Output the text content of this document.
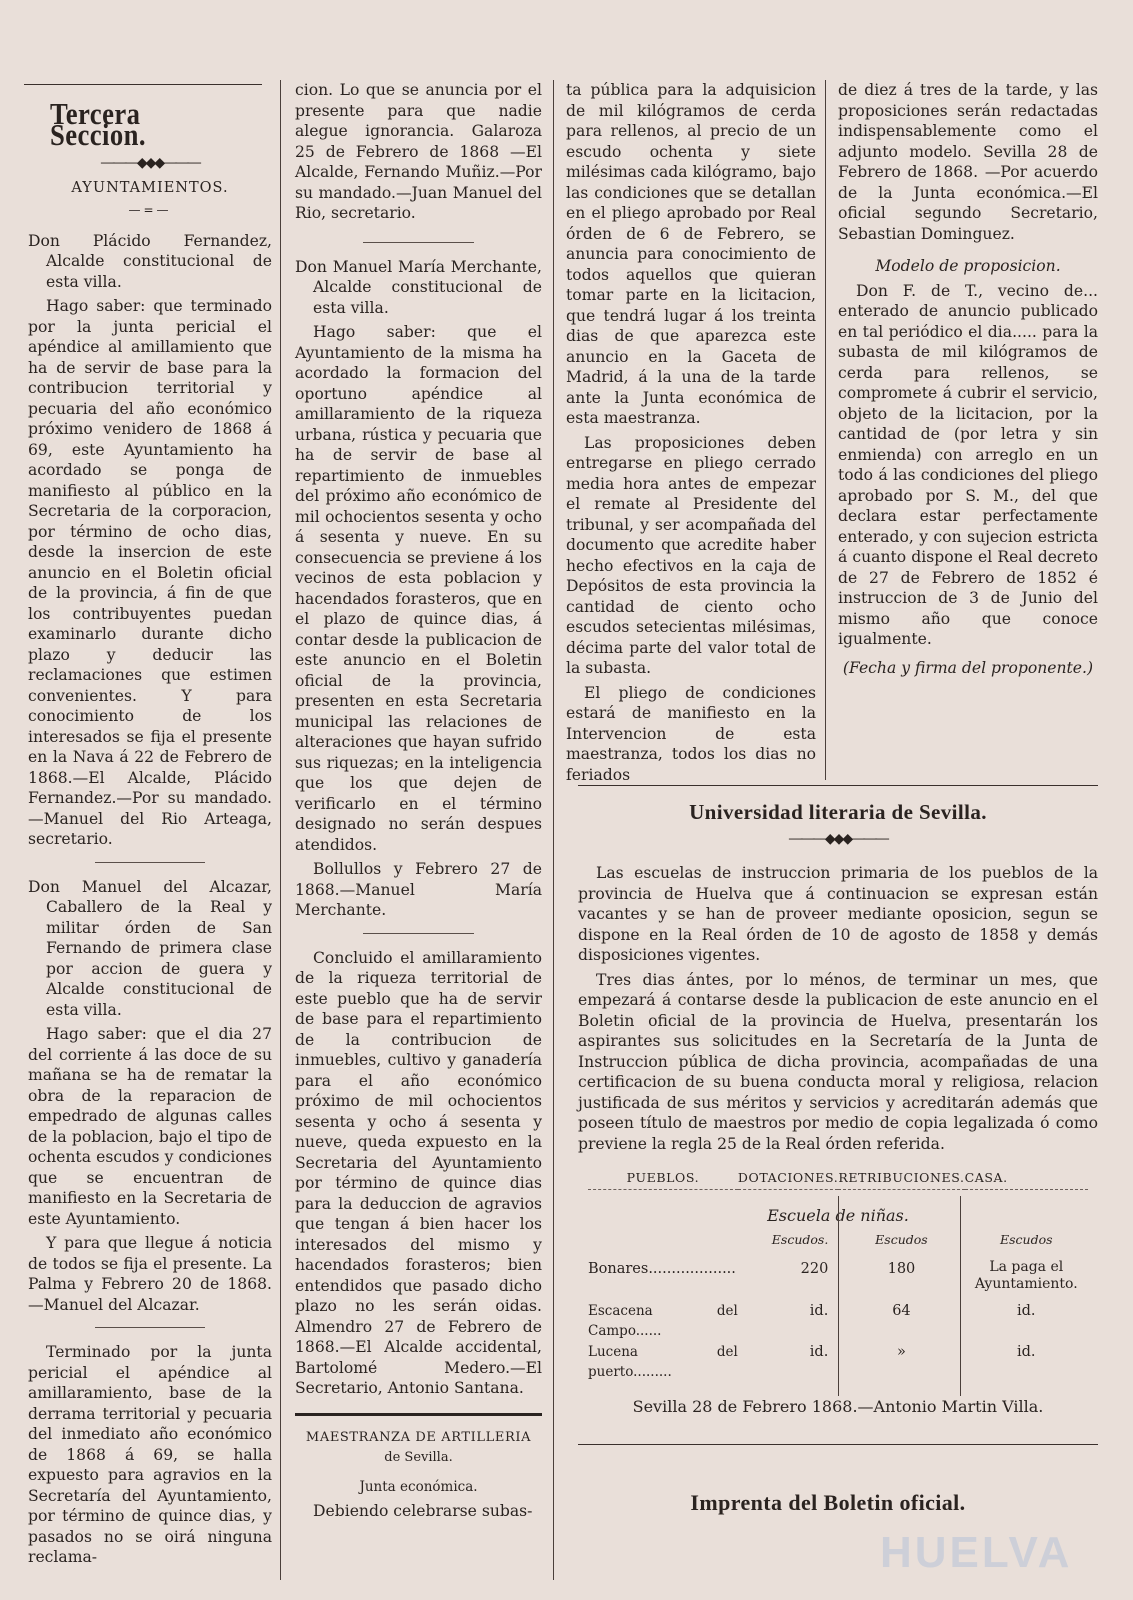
Tercera Seccion.
―――◆◆◆―――
AYUNTAMIENTOS.
—=—

Don Plácido Fernandez, Alcalde constitucional de esta villa.

Hago saber: que terminado por la junta pericial el apéndice al amillamiento que ha de servir de base para la contribucion territorial y pecuaria del año económico próximo venidero de 1868 á 69, este Ayuntamiento ha acordado se ponga de manifiesto al público en la Secretaria de la corporacion, por término de ocho dias, desde la insercion de este anuncio en el Boletin oficial de la provincia, á fin de que los contribuyentes puedan examinarlo durante dicho plazo y deducir las reclamaciones que estimen convenientes. Y para conocimiento de los interesados se fija el presente en la Nava á 22 de Febrero de 1868.—El Alcalde, Plácido Fernandez.—Por su mandado.—Manuel del Rio Arteaga, secretario.

Don Manuel del Alcazar, Caballero de la Real y militar órden de San Fernando de primera clase por accion de guera y Alcalde constitucional de esta villa.

Hago saber: que el dia 27 del corriente á las doce de su mañana se ha de rematar la obra de la reparacion de empedrado de algunas calles de la poblacion, bajo el tipo de ochenta escudos y condiciones que se encuentran de manifiesto en la Secretaria de este Ayuntamiento.

Y para que llegue á noticia de todos se fija el presente. La Palma y Febrero 20 de 1868. —Manuel del Alcazar.

Terminado por la junta pericial el apéndice al amillaramiento, base de la derrama territorial y pecuaria del inmediato año económico de 1868 á 69, se halla expuesto para agravios en la Secretaría del Ayuntamiento, por término de quince dias, y pasados no se oirá ninguna reclama-

cion. Lo que se anuncia por el presente para que nadie alegue ignorancia. Galaroza 25 de Febrero de 1868 —El Alcalde, Fernando Muñiz.—Por su mandado.—Juan Manuel del Rio, secretario.

Don Manuel María Merchante, Alcalde constitucional de esta villa.

Hago saber: que el Ayuntamiento de la misma ha acordado la formacion del oportuno apéndice al amillaramiento de la riqueza urbana, rústica y pecuaria que ha de servir de base al repartimiento de inmuebles del próximo año económico de mil ochocientos sesenta y ocho á sesenta y nueve. En su consecuencia se previene á los vecinos de esta poblacion y hacendados forasteros, que en el plazo de quince dias, á contar desde la publicacion de este anuncio en el Boletin oficial de la provincia, presenten en esta Secretaria municipal las relaciones de alteraciones que hayan sufrido sus riquezas; en la inteligencia que los que dejen de verificarlo en el término designado no serán despues atendidos.

Bollullos y Febrero 27 de 1868.—Manuel María Merchante.

Concluido el amillaramiento de la riqueza territorial de este pueblo que ha de servir de base para el repartimiento de la contribucion de inmuebles, cultivo y ganadería para el año económico próximo de mil ochocientos sesenta y ocho á sesenta y nueve, queda expuesto en la Secretaria del Ayuntamiento por término de quince dias para la deduccion de agravios que tengan á bien hacer los interesados del mismo y hacendados forasteros; bien entendidos que pasado dicho plazo no les serán oidas. Almendro 27 de Febrero de 1868.—El Alcalde accidental, Bartolomé Medero.—El Secretario, Antonio Santana.

MAESTRANZA DE ARTILLERIA

de Sevilla.

Junta económica.

Debiendo celebrarse subas-

ta pública para la adquisicion de mil kilógramos de cerda para rellenos, al precio de un escudo ochenta y siete milésimas cada kilógramo, bajo las condiciones que se detallan en el pliego aprobado por Real órden de 6 de Febrero, se anuncia para conocimiento de todos aquellos que quieran tomar parte en la licitacion, que tendrá lugar á los treinta dias de que aparezca este anuncio en la Gaceta de Madrid, á la una de la tarde ante la Junta económica de esta maestranza.

Las proposiciones deben entregarse en pliego cerrado media hora antes de empezar el remate al Presidente del tribunal, y ser acompañada del documento que acredite haber hecho efectivos en la caja de Depósitos de esta provincia la cantidad de ciento ocho escudos setecientas milésimas, décima parte del valor total de la subasta.

El pliego de condiciones estará de manifiesto en la Intervencion de esta maestranza, todos los dias no feriados

de diez á tres de la tarde, y las proposiciones serán redactadas indispensablemente como el adjunto modelo. Sevilla 28 de Febrero de 1868. —Por acuerdo de la Junta económica.—El oficial segundo Secretario, Sebastian Dominguez.

Modelo de proposicion.

Don F. de T., vecino de... enterado de anuncio publicado en tal periódico el dia..... para la subasta de mil kilógramos de cerda para rellenos, se compromete á cubrir el servicio, objeto de la licitacion, por la cantidad de (por letra y sin enmienda) con arreglo en un todo á las condiciones del pliego aprobado por S. M., del que declara estar perfectamente enterado, y con sujecion estricta á cuanto dispone el Real decreto de 27 de Febrero de 1852 é instruccion de 3 de Junio del mismo año que conoce igualmente.

(Fecha y firma del proponente.)

Universidad literaria de Sevilla.
―――◆◆◆―――

Las escuelas de instruccion primaria de los pueblos de la provincia de Huelva que á continuacion se expresan están vacantes y se han de proveer mediante oposicion, segun se dispone en la Real órden de 10 de agosto de 1858 y demás disposiciones vigentes.

Tres dias ántes, por lo ménos, de terminar un mes, que empezará á contarse desde la publicacion de este anuncio en el Boletin oficial de la provincia de Huelva, presentarán los aspirantes sus solicitudes en la Secretaría de la Junta de Instruccion pública de dicha provincia, acompañadas de una certificacion de su buena conducta moral y religiosa, relacion justificada de sus méritos y servicios y acreditarán además que poseen título de maestros por medio de copia legalizada ó como previene la regla 25 de la Real órden referida.

PUEBLOS.	DOTACIONES.	RETRIBUCIONES.	CASA.

Escuela de niñas.			
	Escudos.	Escudos	Escudos

Bonares...................	220	180	La paga el Ayuntamiento.

Escacena del Campo......	id.	64	id.
Lucena del puerto.........	id.	»	id.

Sevilla 28 de Febrero 1868.—Antonio Martin Villa.

Imprenta del Boletin oficial.
HUELVA
